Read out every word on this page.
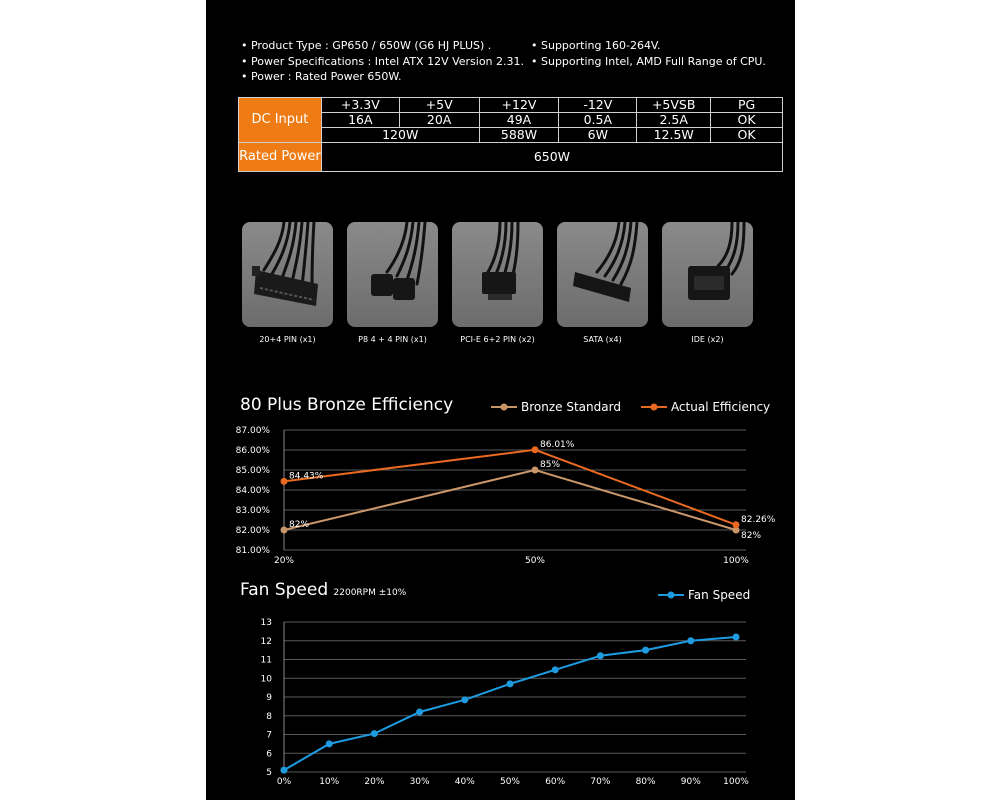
• Product Type : GP650 / 650W (G6 HJ PLUS) .
• Power Specifications : Intel ATX 12V Version 2.31.
• Power : Rated Power 650W.
• Supporting 160-264V.
• Supporting Intel, AMD Full Range of CPU.
DC Input	+3.3V	+5V	+12V	-12V	+5VSB	PG
	16A	20A	49A	0.5A	2.5A	OK
	120W		588W	6W	12.5W	OK
Rated Power	650W					
20+4 PIN (x1)	P8 4 + 4 PIN (x1)	PCI-E 6+2 PIN (x2)	SATA (x4)	IDE (x2)
80 Plus Bronze Efficiency	Bronze Standard	Actual Efficiency
81.00%
82.00%
83.00%
84.00%
85.00%
86.00%
87.00%
20%	50%	100%
82%
85%
82%
84.43%
86.01%
82.26%
Fan Speed 2200RPM ±10%	Fan Speed
5
6
7
8
9
10
11
12
13
0%	10%	20%	30%	40%	50%	60%	70%	80%	90% 100%
